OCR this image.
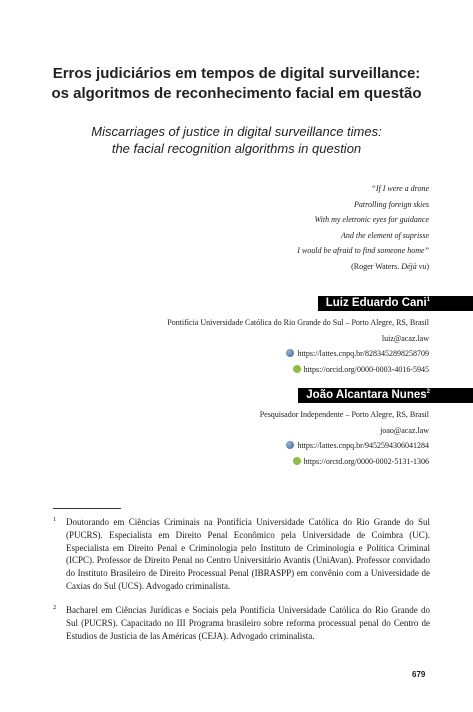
Erros judiciários em tempos de digital surveillance:
os algoritmos de reconhecimento facial em questão
Miscarriages of justice in digital surveillance times:
the facial recognition algorithms in question
“If I were a drone
Patrolling foreign skies
With my eletronic eyes for guidance
And the element of suprisse
I would be afraid to find someone home”
(Roger Waters. Déjà vu)
Luiz Eduardo Cani$^1$
Pontifícia Universidade Católica do Rio Grande do Sul – Porto Alegre, RS, Brasil
luiz@acaz.law
https://lattes.cnpq.br/8283452898258709
https://orcid.org/0000-0003-4016-5945
João Alcantara Nunes$^2$
Pesquisador Independente – Porto Alegre, RS, Brasil
joao@acaz.law
https://lattes.cnpq.br/9452594306041284
https://orctd.org/0000-0002-5131-1306
1 Doutorando em Ciências Criminais na Pontifícia Universidade Católica do Rio Grande do Sul (PUCRS). Especialista em Direito Penal Econômico pela Universidade de Coimbra (UC). Especialista em Direito Penal e Criminologia pelo Instituto de Criminologia e Política Criminal (ICPC). Professor de Direito Penal no Centro Universitário Avantis (UniAvan). Professor convidado do Instituto Brasileiro de Direito Processual Penal (IBRASPP) em convênio com a Universidade de Caxias do Sul (UCS). Advogado criminalista.
2 Bacharel em Ciências Jurídicas e Sociais pela Pontifícia Universidade Católica do Rio Grande do Sul (PUCRS). Capacitado no III Programa brasileiro sobre reforma processual penal do Centro de Estudios de Justicia de las Américas (CEJA). Advogado criminalista.
679
